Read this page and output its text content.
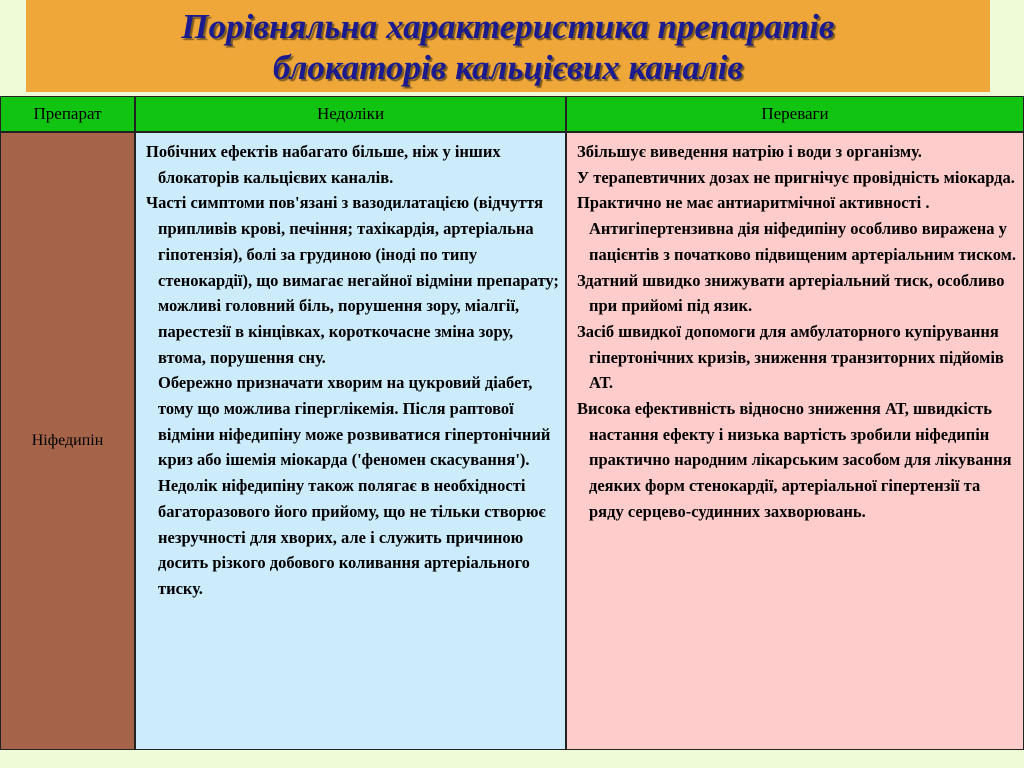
Порівняльна характеристика препаратів
блокаторів кальцієвих каналів
Препарат	Недоліки	Переваги
Ніфедипін
Побічних ефектів набагато більше, ніж у інших блокаторів кальцієвих каналів.
Часті симптоми пов'язані з вазодилатацією (відчуття припливів крові, печіння; тахікардія, артеріальна гіпотензія), болі за грудиною (іноді по типу стенокардії), що вимагає негайної відміни препарату;
можливі головний біль, порушення зору, міалгії, парестезії в кінцівках, короткочасне зміна зору, втома, порушення сну.
Обережно призначати хворим на цукровий діабет, тому що можлива гіперглікемія. Після раптової відміни ніфедипіну може розвиватися гіпертонічний криз або ішемія міокарда ('феномен скасування'). Недолік ніфедипіну також полягає в необхідності багаторазового його прийому, що не тільки створює незручності для хворих, але і служить причиною досить різкого добового коливання артеріального тиску.
Збільшує виведення натрію і води з організму.
У терапевтичних дозах не пригнічує провідність міокарда.
Практично не має антиаритмічної активності .
Антигіпертензивна дія ніфедипіну особливо виражена у пацієнтів з початково підвищеним артеріальним тиском.
Здатний швидко знижувати артеріальний тиск, особливо при прийомі під язик.
Засіб швидкої допомоги для амбулаторного купірування гіпертонічних кризів, зниження транзиторних підйомів АТ.
Висока ефективність відносно зниження АТ, швидкість настання ефекту і низька вартість зробили ніфедипін практично народним лікарським засобом для лікування деяких форм стенокардії, артеріальної гіпертензії та ряду серцево-судинних захворювань.
